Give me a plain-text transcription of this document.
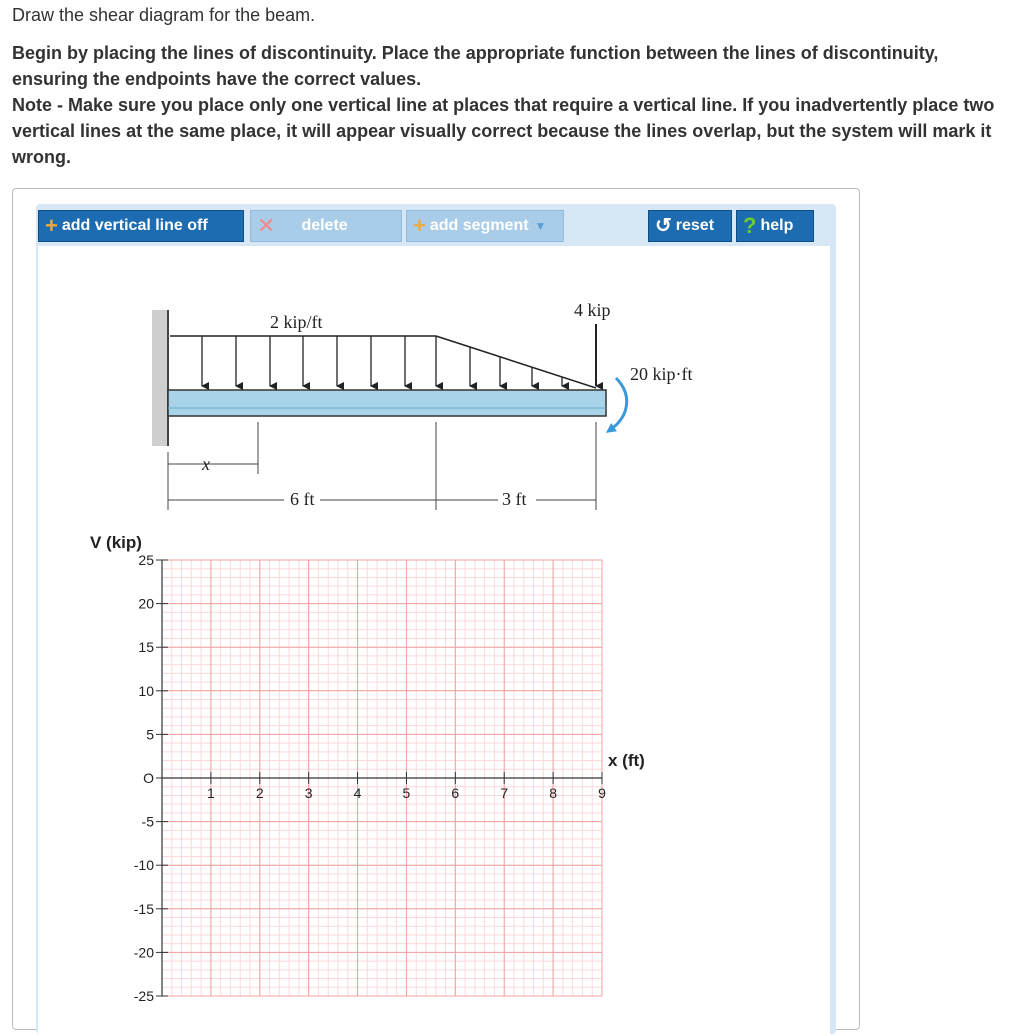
Draw the shear diagram for the beam.

Begin by placing the lines of discontinuity. Place the appropriate function between the lines of discontinuity, ensuring the endpoints have the correct values.

Note - Make sure you place only one vertical line at places that require a vertical line. If you inadvertently place two vertical lines at the same place, it will appear visually correct because the lines overlap, but the system will mark it wrong.

+ add vertical line off ✕ delete	+ add segment ▼	↺ reset ? help
2 kip/ft
4 kip
20 kip·ft
x
6 ft	3 ft
25
20
15
10
5
O
-5
-10
-15
-20
-25
1	2	3	4	5	6	7	8	9
V (kip)
x (ft)
